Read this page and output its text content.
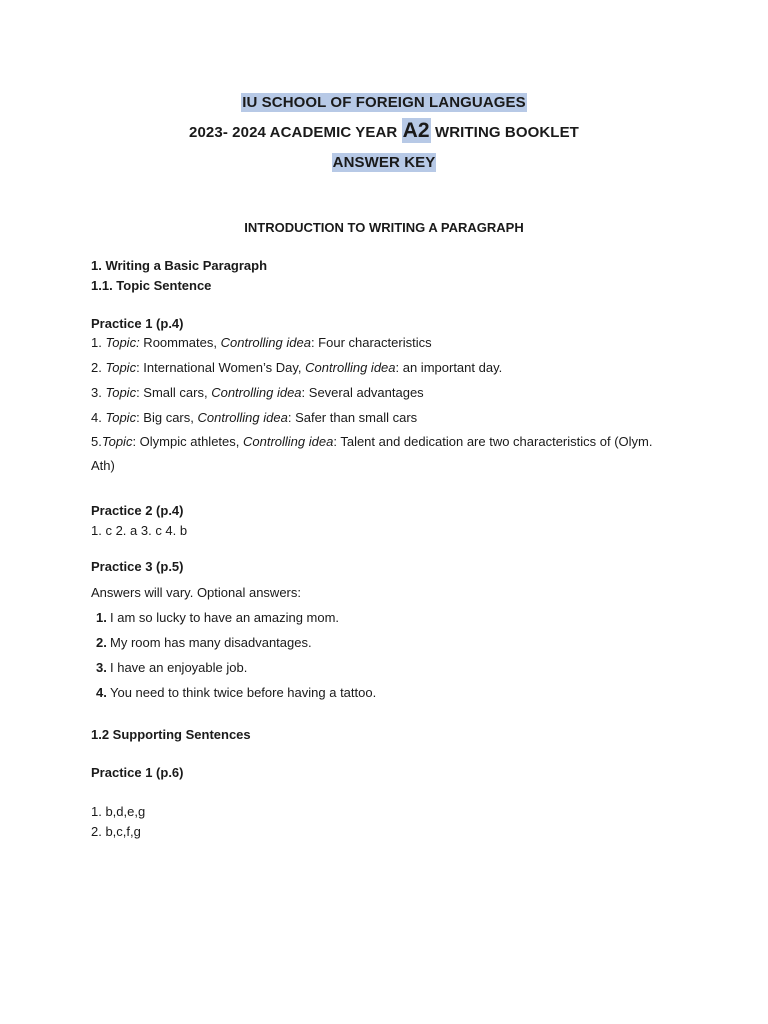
IU SCHOOL OF FOREIGN LANGUAGES
2023- 2024 ACADEMIC YEAR A2 WRITING BOOKLET
ANSWER KEY
INTRODUCTION TO WRITING A PARAGRAPH
1. Writing a Basic Paragraph
1.1. Topic Sentence
Practice 1 (p.4)
1. Topic: Roommates, Controlling idea: Four characteristics
2. Topic: International Women’s Day, Controlling idea: an important day.
3. Topic: Small cars, Controlling idea: Several advantages
4. Topic: Big cars, Controlling idea: Safer than small cars
5.Topic: Olympic athletes, Controlling idea: Talent and dedication are two characteristics of (Olym.
Ath)
Practice 2 (p.4)
1. c 2. a 3. c 4. b
Practice 3 (p.5)
Answers will vary. Optional answers:
1. I am so lucky to have an amazing mom.
2. My room has many disadvantages.
3. I have an enjoyable job.
4. You need to think twice before having a tattoo.
1.2 Supporting Sentences
Practice 1 (p.6)
1. b,d,e,g
2. b,c,f,g
